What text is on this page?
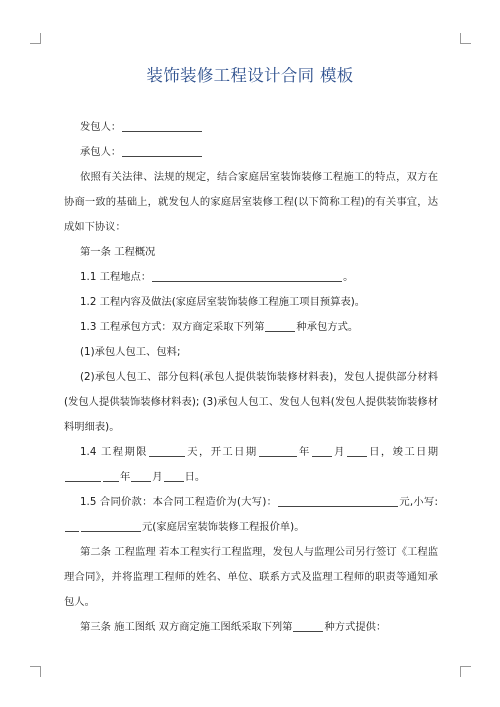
装饰装修工程设计合同 模板

发包人：

承包人：

依照有关法律、法规的规定，结合家庭居室装饰装修工程施工的特点，双方在协商一致的基础上，就发包人的家庭居室装修工程(以下简称工程)的有关事宜，达成如下协议：

第一条 工程概况

1.1 工程地点：	。

1.2 工程内容及做法(家庭居室装饰装修工程施工项目预算表)。

1.3 工程承包方式：双方商定采取下列第	种承包方式。

(1)承包人包工、包料;

(2)承包人包工、部分包料(承包人提供装饰装修材料表)，发包人提供部分材料(发包人提供装饰装修材料表); (3)承包人包工、发包人包料(发包人提供装饰装修材料明细表)。

1.4 工程期限	天，开工日期	年 月 日，竣工日期年 月 日。

1.5 合同价款：本合同工程造价为(大写)：	元,小写:元(家庭居室装饰装修工程报价单)。

第二条 工程监理 若本工程实行工程监理，发包人与监理公司另行签订《工程监理合同》，并将监理工程师的姓名、单位、联系方式及监理工程师的职责等通知承包人。

第三条 施工图纸 双方商定施工图纸采取下列第	种方式提供：
